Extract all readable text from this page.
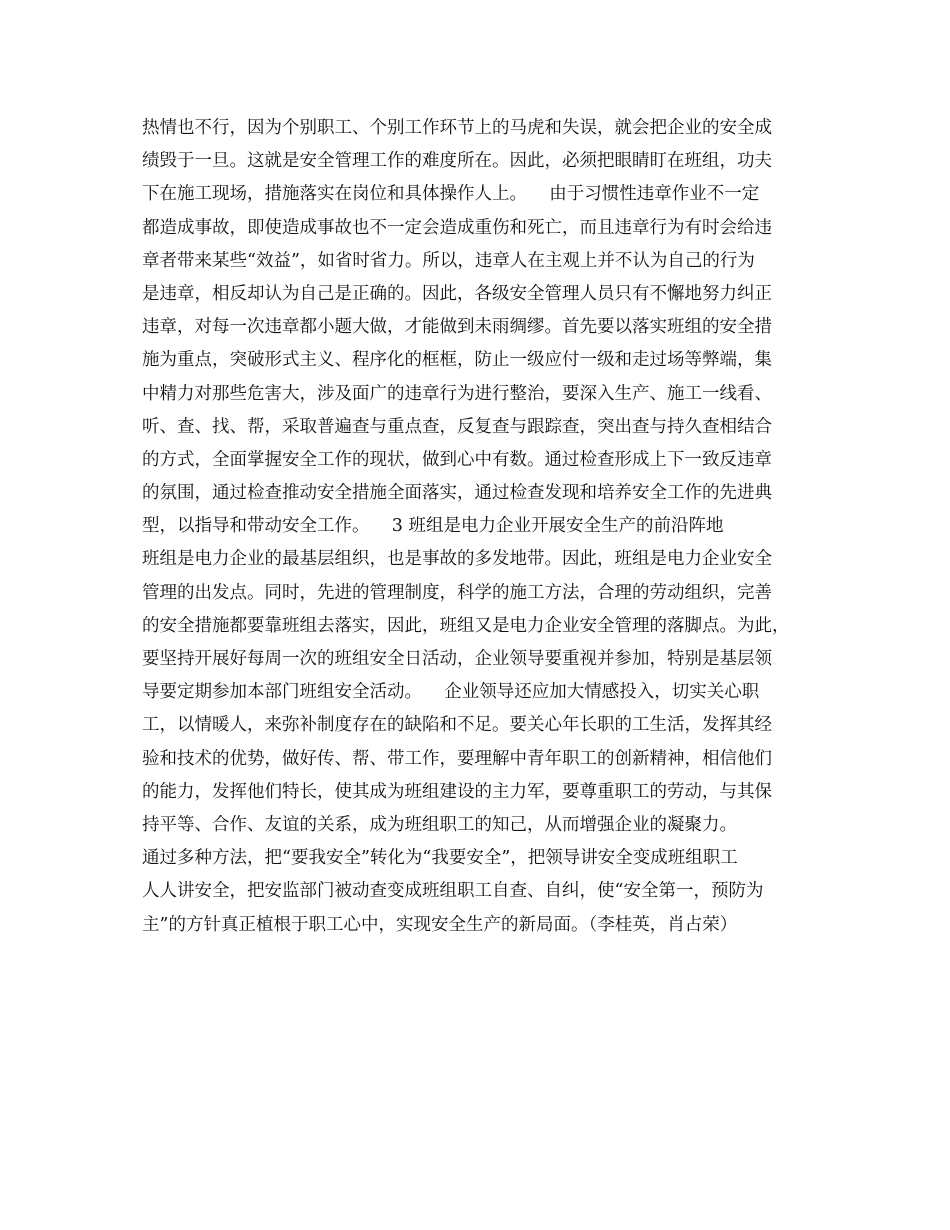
热情也不行，因为个别职工、个别工作环节上的马虎和失误，就会把企业的安全成
绩毁于一旦。这就是安全管理工作的难度所在。因此，必须把眼睛盯在班组，功夫
下在施工现场，措施落实在岗位和具体操作人上。    由于习惯性违章作业不一定
都造成事故，即使造成事故也不一定会造成重伤和死亡，而且违章行为有时会给违
章者带来某些“效益”，如省时省力。所以，违章人在主观上并不认为自己的行为
是违章，相反却认为自己是正确的。因此，各级安全管理人员只有不懈地努力纠正
违章，对每一次违章都小题大做，才能做到未雨绸缪。首先要以落实班组的安全措
施为重点，突破形式主义、程序化的框框，防止一级应付一级和走过场等弊端，集
中精力对那些危害大，涉及面广的违章行为进行整治，要深入生产、施工一线看、
听、查、找、帮，采取普遍查与重点查，反复查与跟踪查，突出查与持久查相结合
的方式，全面掌握安全工作的现状，做到心中有数。通过检查形成上下一致反违章
的氛围，通过检查推动安全措施全面落实，通过检查发现和培养安全工作的先进典
型，以指导和带动安全工作。    3 班组是电力企业开展安全生产的前沿阵地
班组是电力企业的最基层组织，也是事故的多发地带。因此，班组是电力企业安全
管理的出发点。同时，先进的管理制度，科学的施工方法，合理的劳动组织，完善
的安全措施都要靠班组去落实，因此，班组又是电力企业安全管理的落脚点。为此，
要坚持开展好每周一次的班组安全日活动，企业领导要重视并参加，特别是基层领
导要定期参加本部门班组安全活动。    企业领导还应加大情感投入，切实关心职
工，以情暖人，来弥补制度存在的缺陷和不足。要关心年长职的工生活，发挥其经
验和技术的优势，做好传、帮、带工作，要理解中青年职工的创新精神，相信他们
的能力，发挥他们特长，使其成为班组建设的主力军，要尊重职工的劳动，与其保
持平等、合作、友谊的关系，成为班组职工的知己，从而增强企业的凝聚力。
通过多种方法，把“要我安全”转化为“我要安全”，把领导讲安全变成班组职工
人人讲安全，把安监部门被动查变成班组职工自查、自纠，使“安全第一，预防为
主”的方针真正植根于职工心中，实现安全生产的新局面。（李桂英，肖占荣）
